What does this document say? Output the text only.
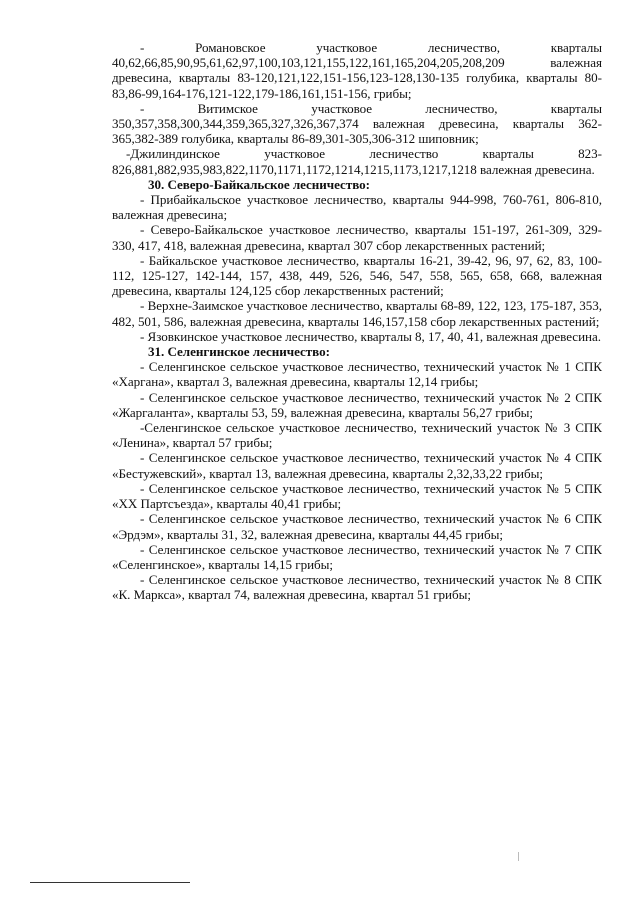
- Романовское участковое лесничество, кварталы 40,62,66,85,90,95,61,62,97,100,103,121,155,122,161,165,204,205,208,209 валежная древесина, кварталы 83-120,121,122,151-156,123-128,130-135 голубика, кварталы 80-83,86-99,164-176,121-122,179-186,161,151-156, грибы;

- Витимское участковое лесничество, кварталы 350,357,358,300,344,359,365,327,326,367,374 валежная древесина, кварталы 362-365,382-389 голубика, кварталы 86-89,301-305,306-312 шиповник;

-Джилиндинское участковое лесничество кварталы 823-826,881,882,935,983,822,1170,1171,1172,1214,1215,1173,1217,1218 валежная древесина.

30. Северо-Байкальское лесничество:

- Прибайкальское участковое лесничество, кварталы 944-998, 760-761, 806-810, валежная древесина;

- Северо-Байкальское участковое лесничество, кварталы 151-197, 261-309, 329-330, 417, 418, валежная древесина, квартал 307 сбор лекарственных растений;

- Байкальское участковое лесничество, кварталы 16-21, 39-42, 96, 97, 62, 83, 100-112, 125-127, 142-144, 157, 438, 449, 526, 546, 547, 558, 565, 658, 668, валежная древесина, кварталы 124,125 сбор лекарственных растений;

- Верхне-Заимское участковое лесничество, кварталы 68-89, 122, 123, 175-187, 353, 482, 501, 586, валежная древесина, кварталы 146,157,158 сбор лекарственных растений;

- Язовкинское участковое лесничество, кварталы 8, 17, 40, 41, валежная древесина.

31. Селенгинское лесничество:

- Селенгинское сельское участковое лесничество, технический участок № 1 СПК «Харгана», квартал 3, валежная древесина, кварталы 12,14 грибы;

- Селенгинское сельское участковое лесничество, технический участок № 2 СПК «Жаргаланта», кварталы 53, 59, валежная древесина, кварталы 56,27 грибы;

-Селенгинское сельское участковое лесничество, технический участок № 3 СПК «Ленина», квартал 57 грибы;

- Селенгинское сельское участковое лесничество, технический участок № 4 СПК «Бестужевский», квартал 13, валежная древесина, кварталы 2,32,33,22 грибы;

- Селенгинское сельское участковое лесничество, технический участок № 5 СПК «XX Партсъезда», кварталы 40,41 грибы;

- Селенгинское сельское участковое лесничество, технический участок № 6 СПК «Эрдэм», кварталы 31, 32, валежная древесина, кварталы 44,45 грибы;

- Селенгинское сельское участковое лесничество, технический участок № 7 СПК «Селенгинское», кварталы 14,15 грибы;

- Селенгинское сельское участковое лесничество, технический участок № 8 СПК «К. Маркса», квартал 74, валежная древесина, квартал 51 грибы;
